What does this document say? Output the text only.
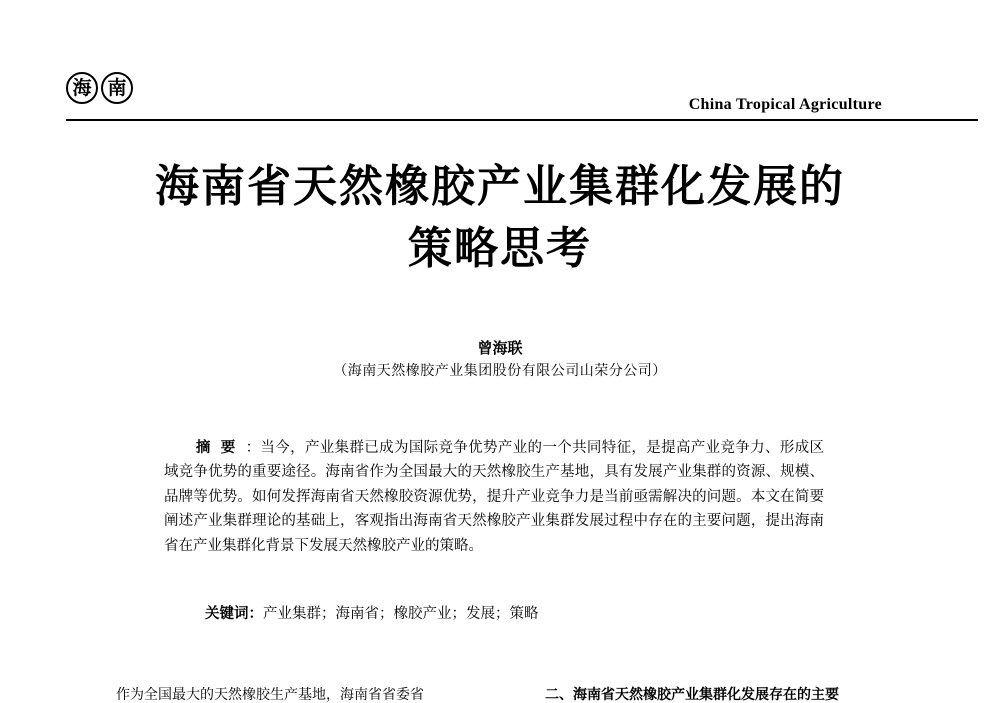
海 南
China Tropical Agriculture
海南省天然橡胶产业集群化发展的
策略思考
曾海联
（海南天然橡胶产业集团股份有限公司山荣分公司）

摘要：当今，产业集群已成为国际竞争优势产业的一个共同特征，是提高产业竞争力、形成区域竞争优势的重要途径。海南省作为全国最大的天然橡胶生产基地，具有发展产业集群的资源、规模、品牌等优势。如何发挥海南省天然橡胶资源优势，提升产业竞争力是当前亟需解决的问题。本文在简要阐述产业集群理论的基础上，客观指出海南省天然橡胶产业集群发展过程中存在的主要问题，提出海南省在产业集群化背景下发展天然橡胶产业的策略。

关键词：产业集群；海南省；橡胶产业；发展；策略
作为全国最大的天然橡胶生产基地，海南省省委省	二、海南省天然橡胶产业集群化发展存在的主要
